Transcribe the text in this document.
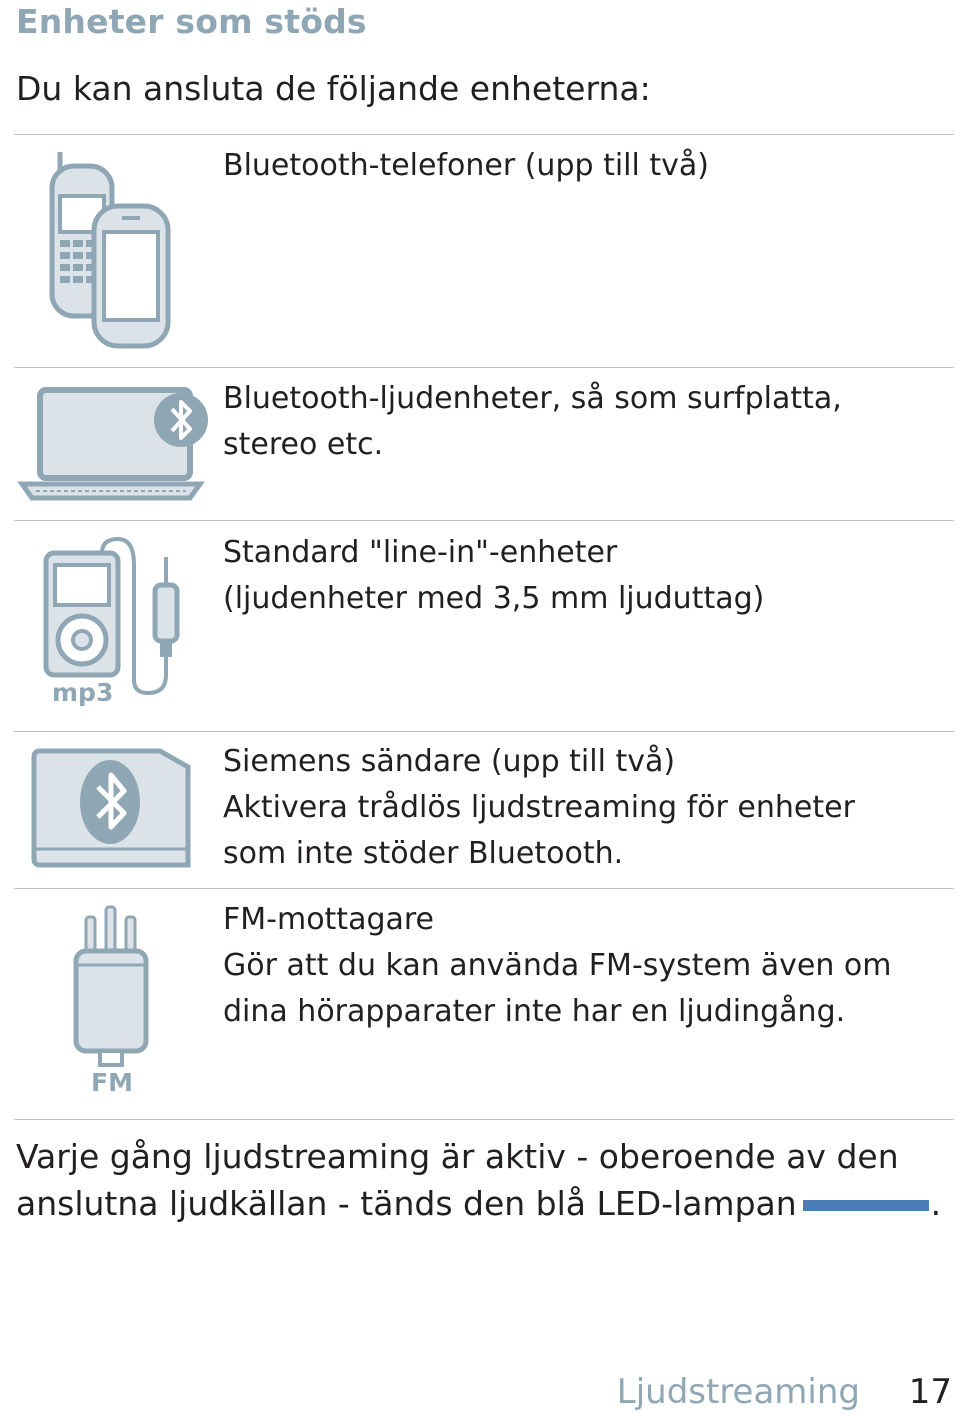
Enheter som stöds

Du kan ansluta de följande enheterna:

Bluetooth-telefoner (upp till två)

Bluetooth-ljudenheter, så som surfplatta,
stereo etc.

mp3

Standard "line-in"-enheter
(ljudenheter med 3,5 mm ljuduttag)

Siemens sändare (upp till två)
Aktivera trådlös ljudstreaming för enheter
som inte stöder Bluetooth.

FM

FM-mottagare
Gör att du kan använda FM-system även om
dina hörapparater inte har en ljudingång.

Varje gång ljudstreaming är aktiv - oberoende av den
anslutna ljudkällan - tänds den blå LED-lampan	.

Ljudstreaming 17
